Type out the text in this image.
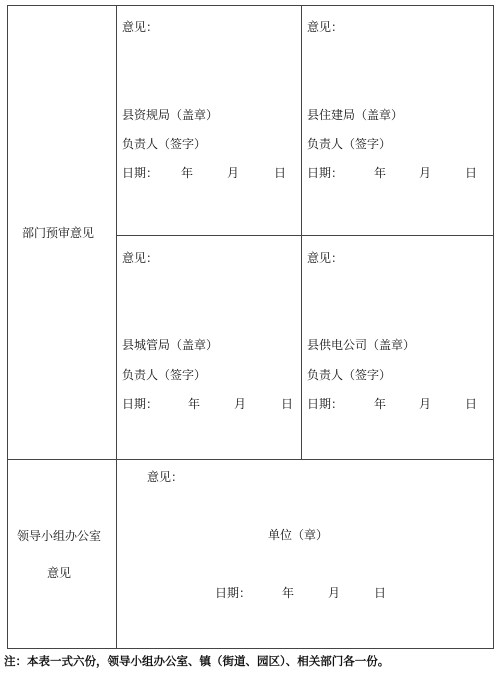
部门预审意见
意见：
县资规局（盖章）
负责人（签字）
日期： 年	月	日
意见：
县住建局（盖章）
负责人（签字）
日期：	年	月	日
意见：
县城管局（盖章）
负责人（签字）
日期： 年	月	日
意见：
县供电公司（盖章）
负责人（签字）
日期：	年	月	日
领导小组办公室
意见
意见：
单位（章）
日期：	年	月	日
注：本表一式六份，领导小组办公室、镇（街道、园区）、相关部门各一份。
